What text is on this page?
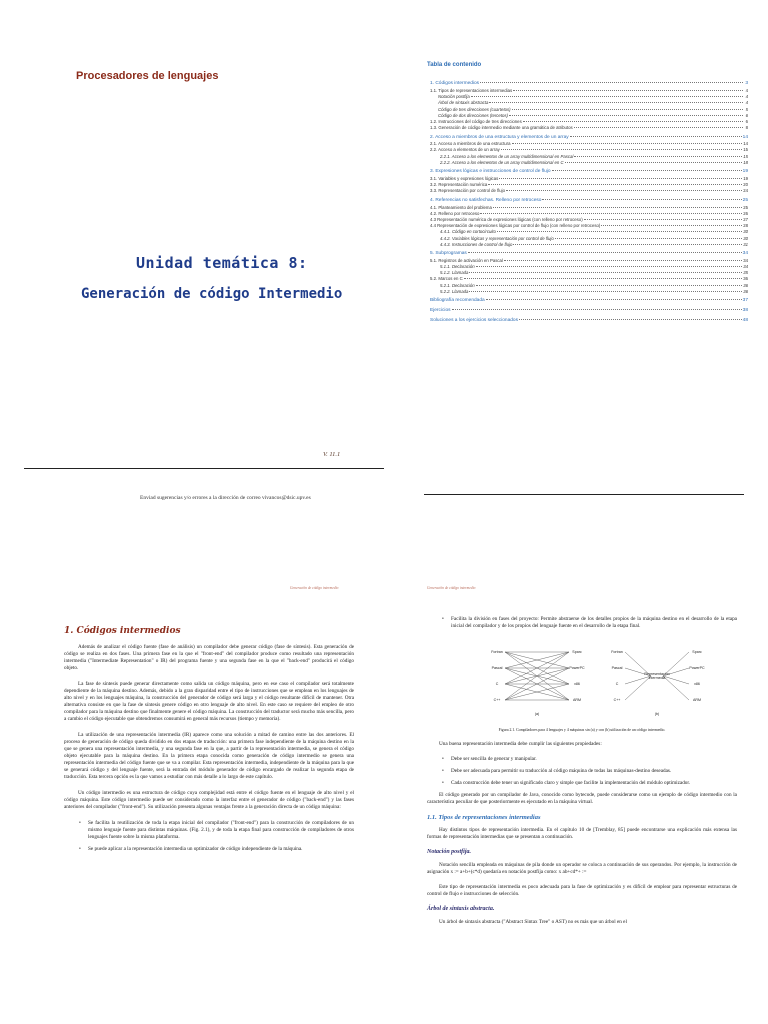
Procesadores de lenguajes
Unidad temática 8:
Generación de código Intermedio
V. 11.1
Enviad sugerencias y/o errores a la dirección de correo vivancos@dsic.upv.es
Tabla de contenido
1. Códigos intermedios	3
1.1. Tipos de representaciones intermedias	4
Notación postfija	4
Árbol de sintaxis abstracta	4
Código de tres direcciones (cuartetos)	5
Código de dos direcciones (tercetos)	6
1.2. Instrucciones del código de tres direcciones	6
1.3. Generación de código intermedio mediante una gramática de atributos	8
2. Acceso a miembros de una estructura y elementos de un array	14
2.1. Acceso a miembros de una estructura	14
2.2. Acceso a elementos de un array	15
2.2.1. Acceso a los elementos de un array multidimensional en Pascal	15
2.2.2. Acceso a los elementos de un array multidimensional en C	18
3. Expresiones lógicas e instrucciones de control de flujo	19
3.1. Variables y expresiones lógicas	19
3.2. Representación numérica	20
3.3. Representación por control de flujo	24
4. Referencias no satisfechas. Relleno por retroceso	25
4.1. Planteamiento del problema	25
4.2. Relleno por retroceso	26
4.3 Representación numérica de expresiones lógicas (con relleno por retroceso)	27
4.4 Representación de expresiones lógicas por control de flujo (con relleno por retroceso)	28
4.4.1. Código en cortocircuito	30
4.4.2. Variables lógicas y representación por control de flujo	30
4.4.3. Instrucciones de control de flujo	31
5. Subprogramas	34
5.1. Registros de activación en Pascal	34
5.1.1. Declaración	34
5.1.2. Llamada	35
5.2. Marcos en C	36
5.2.1. Declaración	36
5.2.2. Llamada	36
Bibliografía recomendada	37
Ejercicios	38
Soluciones a los ejercicios seleccionados	48
Generación de código intermedio
1. Códigos intermedios

Además de analizar el código fuente (fase de análisis) un compilador debe generar código (fase de síntesis). Esta generación de código se realiza en dos fases. Una primera fase en la que el "front-end" del compilador produce como resultado una representación intermedia ("Intermediate Representation" o IR) del programa fuente y una segunda fase en la que el "back-end" producirá el código objeto.

La fase de síntesis puede generar directamente como salida un código máquina, pero en ese caso el compilador será totalmente dependiente de la máquina destino. Además, debido a la gran disparidad entre el tipo de instrucciones que se emplean en los lenguajes de alto nivel y en los lenguajes máquina, la construcción del generador de código será larga y el código resultante difícil de mantener. Otra alternativa consiste en que la fase de síntesis genere código en otro lenguaje de alto nivel. En este caso se requiere del empleo de otro compilador para la máquina destino que finalmente genere el código máquina. La construcción del traductor será mucho más sencilla, pero a cambio el código ejecutable que obtendremos consumirá en general más recursos (tiempo y memoria).

La utilización de una representación intermedia (IR) aparece como una solución a mitad de camino entre las dos anteriores. El proceso de generación de código queda dividido en dos etapas de traducción: una primera fase independiente de la máquina destino en la que se genera una representación intermedia, y una segunda fase en la que, a partir de la representación intermedia, se genera el código objeto ejecutable para la máquina destino. En la primera etapa conocida como generación de código intermedio se genera una representación intermedia del código fuente que se va a compilar. Esta representación intermedia, independiente de la máquina para la que se generará código y del lenguaje fuente, será la entrada del módulo generador de código encargado de realizar la segunda etapa de traducción. Esta tercera opción es la que vamos a estudiar con más detalle a lo largo de este capítulo.

Un código intermedio es una estructura de código cuya complejidad está entre el código fuente en el lenguaje de alto nivel y el código máquina. Este código intermedio puede ser considerado como la interfaz entre el generador de código ("back-end") y las fases anteriores del compilador ("front-end"). Su utilización presenta algunas ventajas frente a la generación directa de un código máquina:

• Se facilita la reutilización de toda la etapa inicial del compilador ("front-end") para la construcción de compiladores de un mismo lenguaje fuente para distintas máquinas. (Fig. 2.1), y de toda la etapa final para construcción de compiladores de otros lenguajes fuente sobre la misma plataforma.
• Se puede aplicar a la representación intermedia un optimizador de código independiente de la máquina.
Generación de código intermedio
• Facilita la división en fases del proyecto: Permite abstraerse de los detalles propios de la máquina destino en el desarrollo de la etapa inicial del compilador y de los propios del lenguaje fuente en el desarrollo de la etapa final.
Fortran
Pascal
C
C++
Sparc
PowerPC
x86
ARM
(a)
Fortran
Pascal
C
C++
Sparc
PowerPC
x86
ARM
Representación
intermedia
(b)
Figura 2.1. Compiladores para 4 lenguajes y 4 máquinas sin (a) y con (b) utilización de un código intermedio.

Una buena representación intermedia debe cumplir las siguientes propiedades:

• Debe ser sencilla de generar y manipular.
• Debe ser adecuada para permitir su traducción al código máquina de todas las máquinas-destino deseadas.
• Cada construcción debe tener un significado claro y simple que facilite la implementación del módulo optimizador.

El código generado por un compilador de Java, conocido como bytecode, puede considerarse como un ejemplo de código intermedio con la característica peculiar de que posteriormente es ejecutado en la máquina virtual.

1.1. Tipos de representaciones intermedias

Hay distintos tipos de representación intermedia. En el capítulo 10 de [Tremblay, 85] puede encontrarse una explicación más extensa las formas de representación intermedias que se presentan a continuación.

Notación postfija.

Notación sencilla empleada en máquinas de pila donde un operador se coloca a continuación de sus operandos. Por ejemplo, la instrucción de asignación x := a+b+(c*d) quedaría en notación postfija como: x ab+cd*+ :=

Este tipo de representación intermedia es poco adecuada para la fase de optimización y es difícil de emplear para representar estructuras de control de flujo e instrucciones de selección.

Árbol de sintaxis abstracta.

Un árbol de sintaxis abstracta ("Abstract Sintax Tree" o AST) no es más que un árbol en el
